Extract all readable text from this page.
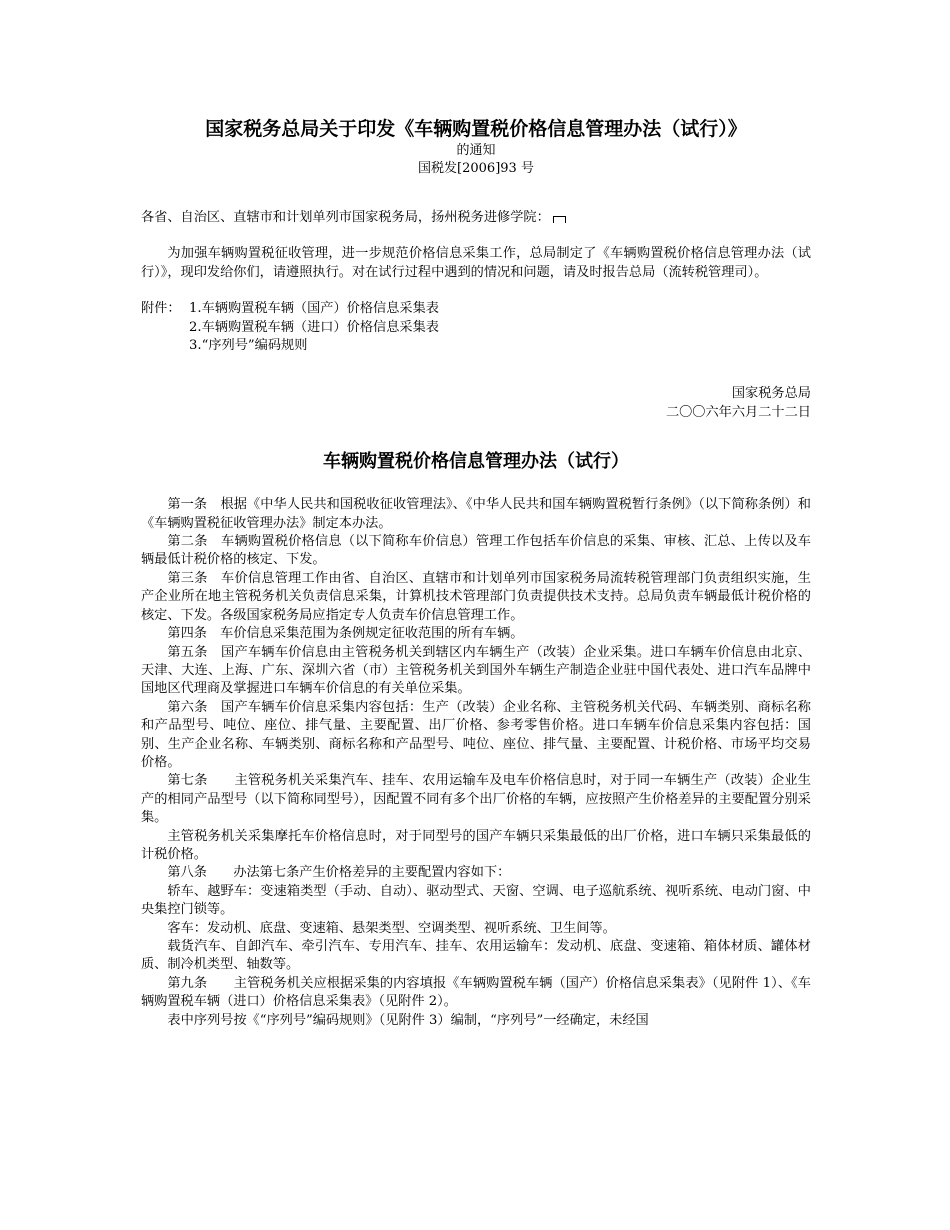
国家税务总局关于印发《车辆购置税价格信息管理办法（试行）》

的通知

国税发[2006]93 号

各省、自治区、直辖市和计划单列市国家税务局，扬州税务进修学院：

为加强车辆购置税征收管理，进一步规范价格信息采集工作，总局制定了《车辆购置税价格信息管理办法（试行）》，现印发给你们，请遵照执行。对在试行过程中遇到的情况和问题，请及时报告总局（流转税管理司）。

附件： 1.车辆购置税车辆（国产）价格信息采集表
2.车辆购置税车辆（进口）价格信息采集表
3.“序列号”编码规则
国家税务总局
二〇〇六年六月二十二日
车辆购置税价格信息管理办法（试行）

第一条　根据《中华人民共和国税收征收管理法》、《中华人民共和国车辆购置税暂行条例》（以下简称条例）和《车辆购置税征收管理办法》制定本办法。

第二条　车辆购置税价格信息（以下简称车价信息）管理工作包括车价信息的采集、审核、汇总、上传以及车辆最低计税价格的核定、下发。

第三条　车价信息管理工作由省、自治区、直辖市和计划单列市国家税务局流转税管理部门负责组织实施，生产企业所在地主管税务机关负责信息采集，计算机技术管理部门负责提供技术支持。总局负责车辆最低计税价格的核定、下发。各级国家税务局应指定专人负责车价信息管理工作。

第四条　车价信息采集范围为条例规定征收范围的所有车辆。

第五条　国产车辆车价信息由主管税务机关到辖区内车辆生产（改装）企业采集。进口车辆车价信息由北京、天津、大连、上海、广东、深圳六省（市）主管税务机关到国外车辆生产制造企业驻中国代表处、进口汽车品牌中国地区代理商及掌握进口车辆车价信息的有关单位采集。

第六条　国产车辆车价信息采集内容包括：生产（改装）企业名称、主管税务机关代码、车辆类别、商标名称和产品型号、吨位、座位、排气量、主要配置、出厂价格、参考零售价格。进口车辆车价信息采集内容包括：国别、生产企业名称、车辆类别、商标名称和产品型号、吨位、座位、排气量、主要配置、计税价格、市场平均交易价格。

第七条　　主管税务机关采集汽车、挂车、农用运输车及电车价格信息时，对于同一车辆生产（改装）企业生产的相同产品型号（以下简称同型号），因配置不同有多个出厂价格的车辆，应按照产生价格差异的主要配置分别采集。

主管税务机关采集摩托车价格信息时，对于同型号的国产车辆只采集最低的出厂价格，进口车辆只采集最低的计税价格。

第八条　　办法第七条产生价格差异的主要配置内容如下：

轿车、越野车：变速箱类型（手动、自动）、驱动型式、天窗、空调、电子巡航系统、视听系统、电动门窗、中央集控门锁等。

客车：发动机、底盘、变速箱、悬架类型、空调类型、视听系统、卫生间等。

载货汽车、自卸汽车、牵引汽车、专用汽车、挂车、农用运输车：发动机、底盘、变速箱、箱体材质、罐体材质、制冷机类型、轴数等。

第九条　　主管税务机关应根据采集的内容填报《车辆购置税车辆（国产）价格信息采集表》（见附件 1）、《车辆购置税车辆（进口）价格信息采集表》（见附件 2）。

表中序列号按《“序列号”编码规则》（见附件 3）编制，“序列号”一经确定，未经国
